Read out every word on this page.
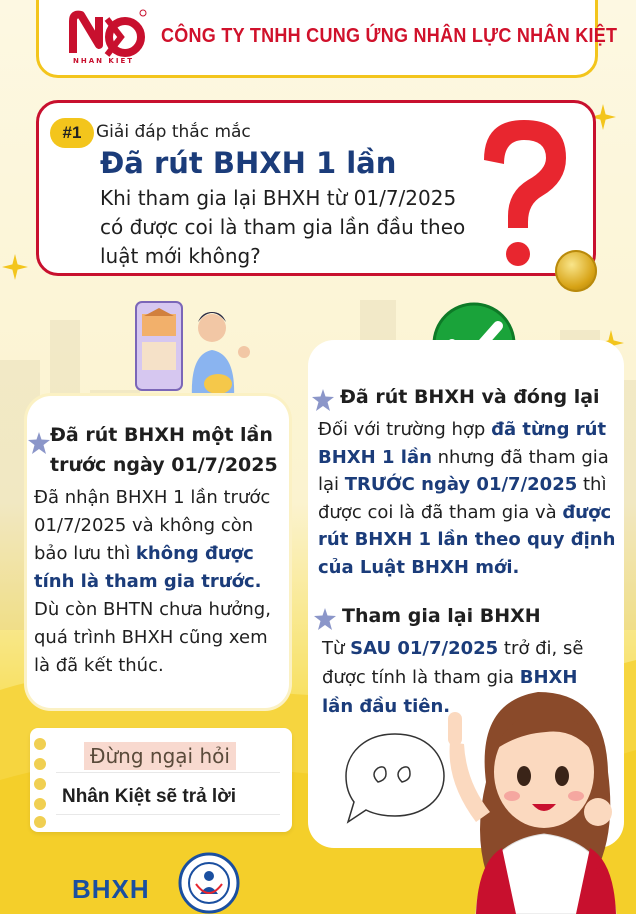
NHAN KIET
CÔNG TY TNHH CUNG ỨNG NHÂN LỰC NHÂN KIỆT
#1 Giải đáp thắc mắc
Đã rút BHXH 1 lần
Khi tham gia lại BHXH từ 01/7/2025 có được coi là tham gia lần đầu theo luật mới không?
Đã rút BHXH một lần trước ngày 01/7/2025
Đã nhận BHXH 1 lần trước 01/7/2025 và không còn bảo lưu thì không được tính là tham gia trước. Dù còn BHTN chưa hưởng, quá trình BHXH cũng xem là đã kết thúc.
Đã rút BHXH và đóng lại
Đối với trường hợp đã từng rút BHXH 1 lần nhưng đã tham gia lại TRƯỚC ngày 01/7/2025 thì được coi là đã tham gia và được rút BHXH 1 lần theo quy định của Luật BHXH mới.
Tham gia lại BHXH
Từ SAU 01/7/2025 trở đi, sẽ được tính là tham gia BHXH lần đầu tiên.
Đừng ngại hỏi
Nhân Kiệt sẽ trả lời
BHXH
